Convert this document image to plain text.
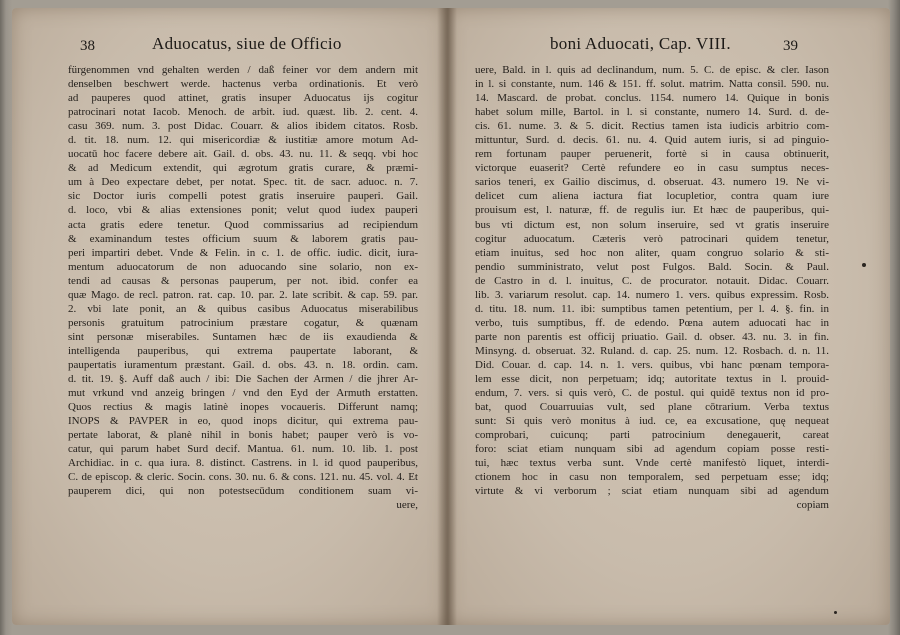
38	Aduocatus, siue de Officio
fürgenommen vnd gehalten werden / daß feiner vor dem andern mit
denselben beschwert werde. hactenus verba ordinationis. Et verò
ad pauperes quod attinet, gratis insuper Aduocatus ijs cogitur
patrocinari notat Iacob. Menoch. de arbit. iud. quæst. lib. 2. cent. 4.
casu 369. num. 3. post Didac. Couarr. & alios ibidem citatos. Rosb.
d. tit. 18. num. 12. qui misericordiæ & iustitiæ amore motum Ad-
uocatū hoc facere debere ait. Gail. d. obs. 43. nu. 11. & seqq. vbi hoc
& ad Medicum extendit, qui ægrotum gratis curare, & præmi-
um à Deo expectare debet, per notat. Spec. tit. de sacr. aduoc. n. 7.
sic Doctor iuris compelli potest gratis inseruire pauperi. Gail.
d. loco, vbi & alias extensiones ponit; velut quod iudex pauperi
acta gratis edere tenetur. Quod commissarius ad recipiendum
& examinandum testes officium suum & laborem gratis pau-
peri impartiri debet. Vnde & Felin. in c. 1. de offic. iudic. dicit, iura-
mentum aduocatorum de non aduocando sine solario, non ex-
tendi ad causas & personas pauperum, per not. ibid. confer ea
quæ Mago. de recl. patron. rat. cap. 10. par. 2. late scribit. & cap. 59. par.
2. vbi late ponit, an & quibus casibus Aduocatus miserabilibus
personis gratuitum patrocinium præstare cogatur, & quænam
sint personæ miserabiles. Suntamen hæc de iis exaudienda &
intelligenda pauperibus, qui extrema paupertate laborant, &
paupertatis iuramentum præstant. Gail. d. obs. 43. n. 18. ordin. cam.
d. tit. 19. §. Auff daß auch / ibi: Die Sachen der Armen / die jhrer Ar-
mut vrkund vnd anzeig bringen / vnd den Eyd der Armuth erstatten.
Quos rectius & magis latinè inopes vocaueris. Differunt namq;
INOPS & PAVPER in eo, quod inops dicitur, qui extrema pau-
pertate laborat, & planè nihil in bonis habet; pauper verò is vo-
catur, qui parum habet Surd decif. Mantua. 61. num. 10. lib. 1. post
Archidiac. in c. qua iura. 8. distinct. Castrens. in l. id quod pauperibus,
C. de episcop. & cleric. Socin. cons. 30. nu. 6. & cons. 121. nu. 45. vol. 4. Et
pauperem dici, qui non potestsecūdum conditionem suam vi-
uere,
boni Aduocati, Cap. VIII.	39
uere, Bald. in l. quis ad declinandum, num. 5. C. de episc. & cler. Iason
in l. si constante, num. 146 & 151. ff. solut. matrim. Natta consil. 590. nu.
14. Mascard. de probat. conclus. 1154. numero 14. Quique in bonis
habet solum mille, Bartol. in l. si constante, numero 14. Surd. d. de-
cis. 61. nume. 3. & 5. dicit. Rectius tamen ista iudicis arbitrio com-
mittuntur, Surd. d. decis. 61. nu. 4. Quid autem iuris, si ad pinguio-
rem fortunam pauper peruenerit, fortè si in causa obtinuerit,
victorque euaserit? Certè refundere eo in casu sumptus neces-
sarios teneri, ex Gailio discimus, d. obseruat. 43. numero 19. Ne vi-
delicet cum aliena iactura fiat locupletior, contra quam iure
prouisum est, l. naturæ, ff. de regulis iur. Et hæc de pauperibus, qui-
bus vti dictum est, non solum inseruire, sed vt gratis inseruire
cogitur aduocatum. Cæteris verò patrocinari quidem tenetur,
etiam inuitus, sed hoc non aliter, quam congruo solario & sti-
pendio sumministrato, velut post Fulgos. Bald. Socin. & Paul.
de Castro in d. l. inuitus, C. de procurator. notauit. Didac. Couarr.
lib. 3. variarum resolut. cap. 14. numero 1. vers. quibus expressim. Rosb.
d. titu. 18. num. 11. ibi: sumptibus tamen petentium, per l. 4. §. fin. in
verbo, tuis sumptibus, ff. de edendo. Pœna autem aduocati hac in
parte non parentis est officij priuatio. Gail. d. obser. 43. nu. 3. in fin.
Minsyng. d. obseruat. 32. Ruland. d. cap. 25. num. 12. Rosbach. d. n. 11.
Did. Couar. d. cap. 14. n. 1. vers. quibus, vbi hanc pœnam tempora-
lem esse dicit, non perpetuam; idq; autoritate textus in l. prouid-
endum, 7. vers. si quis verò, C. de postul. qui quidē textus non id pro-
bat, quod Couarruuias vult, sed plane cōtrarium. Verba textus
sunt: Si quis verò monitus à iud. ce, ea excusatione, quę nequeat
comprobari, cuicunq; parti patrocinium denegauerit, careat
foro: sciat etiam nunquam sibi ad agendum copiam posse resti-
tui, hæc textus verba sunt. Vnde certè manifestò liquet, interdi-
ctionem hoc in casu non temporalem, sed perpetuam esse; idq;
virtute & vi verborum ; sciat etiam nunquam sibi ad agendum
copiam
